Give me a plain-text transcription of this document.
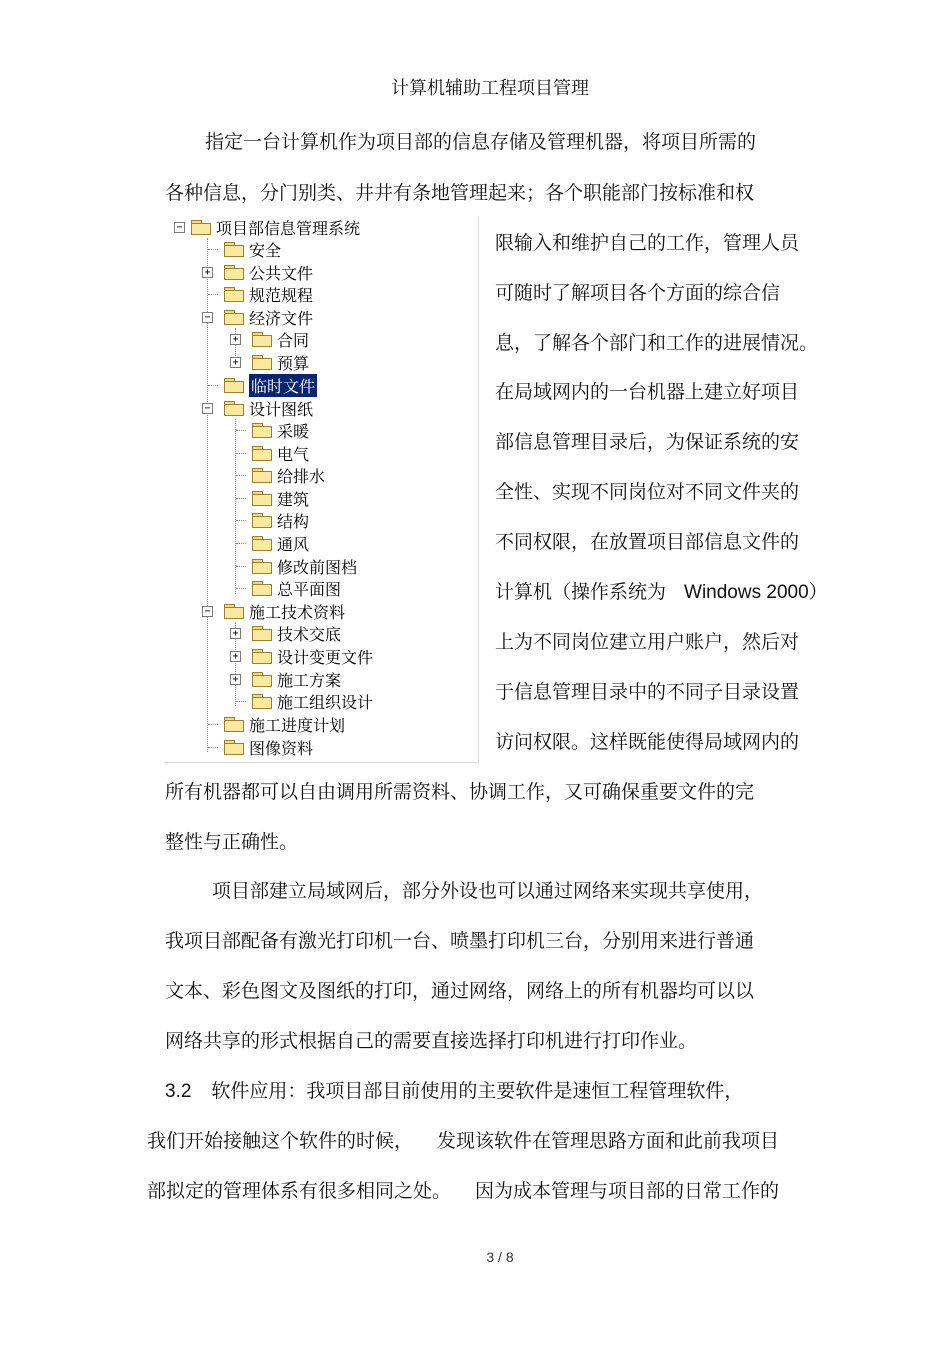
计算机辅助工程项目管理
指定一台计算机作为项目部的信息存储及管理机器，将项目所需的
各种信息，分门别类、井井有条地管理起来；各个职能部门按标准和权
限输入和维护自己的工作，管理人员
可随时了解项目各个方面的综合信
息，了解各个部门和工作的进展情况。
在局域网内的一台机器上建立好项目
部信息管理目录后，为保证系统的安
全性、实现不同岗位对不同文件夹的
不同权限，在放置项目部信息文件的
计算机（操作系统为 Windows 2000）
上为不同岗位建立用户账户，然后对
于信息管理目录中的不同子目录设置
访问权限。这样既能使得局域网内的
所有机器都可以自由调用所需资料、协调工作，又可确保重要文件的完
整性与正确性。
项目部建立局域网后，部分外设也可以通过网络来实现共享使用，
我项目部配备有激光打印机一台、喷墨打印机三台，分别用来进行普通
文本、彩色图文及图纸的打印，通过网络，网络上的所有机器均可以以
网络共享的形式根据自己的需要直接选择打印机进行打印作业。
3.2 软件应用：我项目部目前使用的主要软件是速恒工程管理软件，
我们开始接触这个软件的时候， 发现该软件在管理思路方面和此前我项目
部拟定的管理体系有很多相同之处。 因为成本管理与项目部的日常工作的
3 / 8
− 项目部信息管理系统
安全
+ 公共文件
规范规程
− 经济文件
+ 合同
+ 预算
临时文件
− 设计图纸
采暖
电气
给排水
建筑
结构
通风
修改前图档
总平面图
− 施工技术资料
+ 技术交底
+ 设计变更文件
+ 施工方案
施工组织设计
施工进度计划
图像资料
